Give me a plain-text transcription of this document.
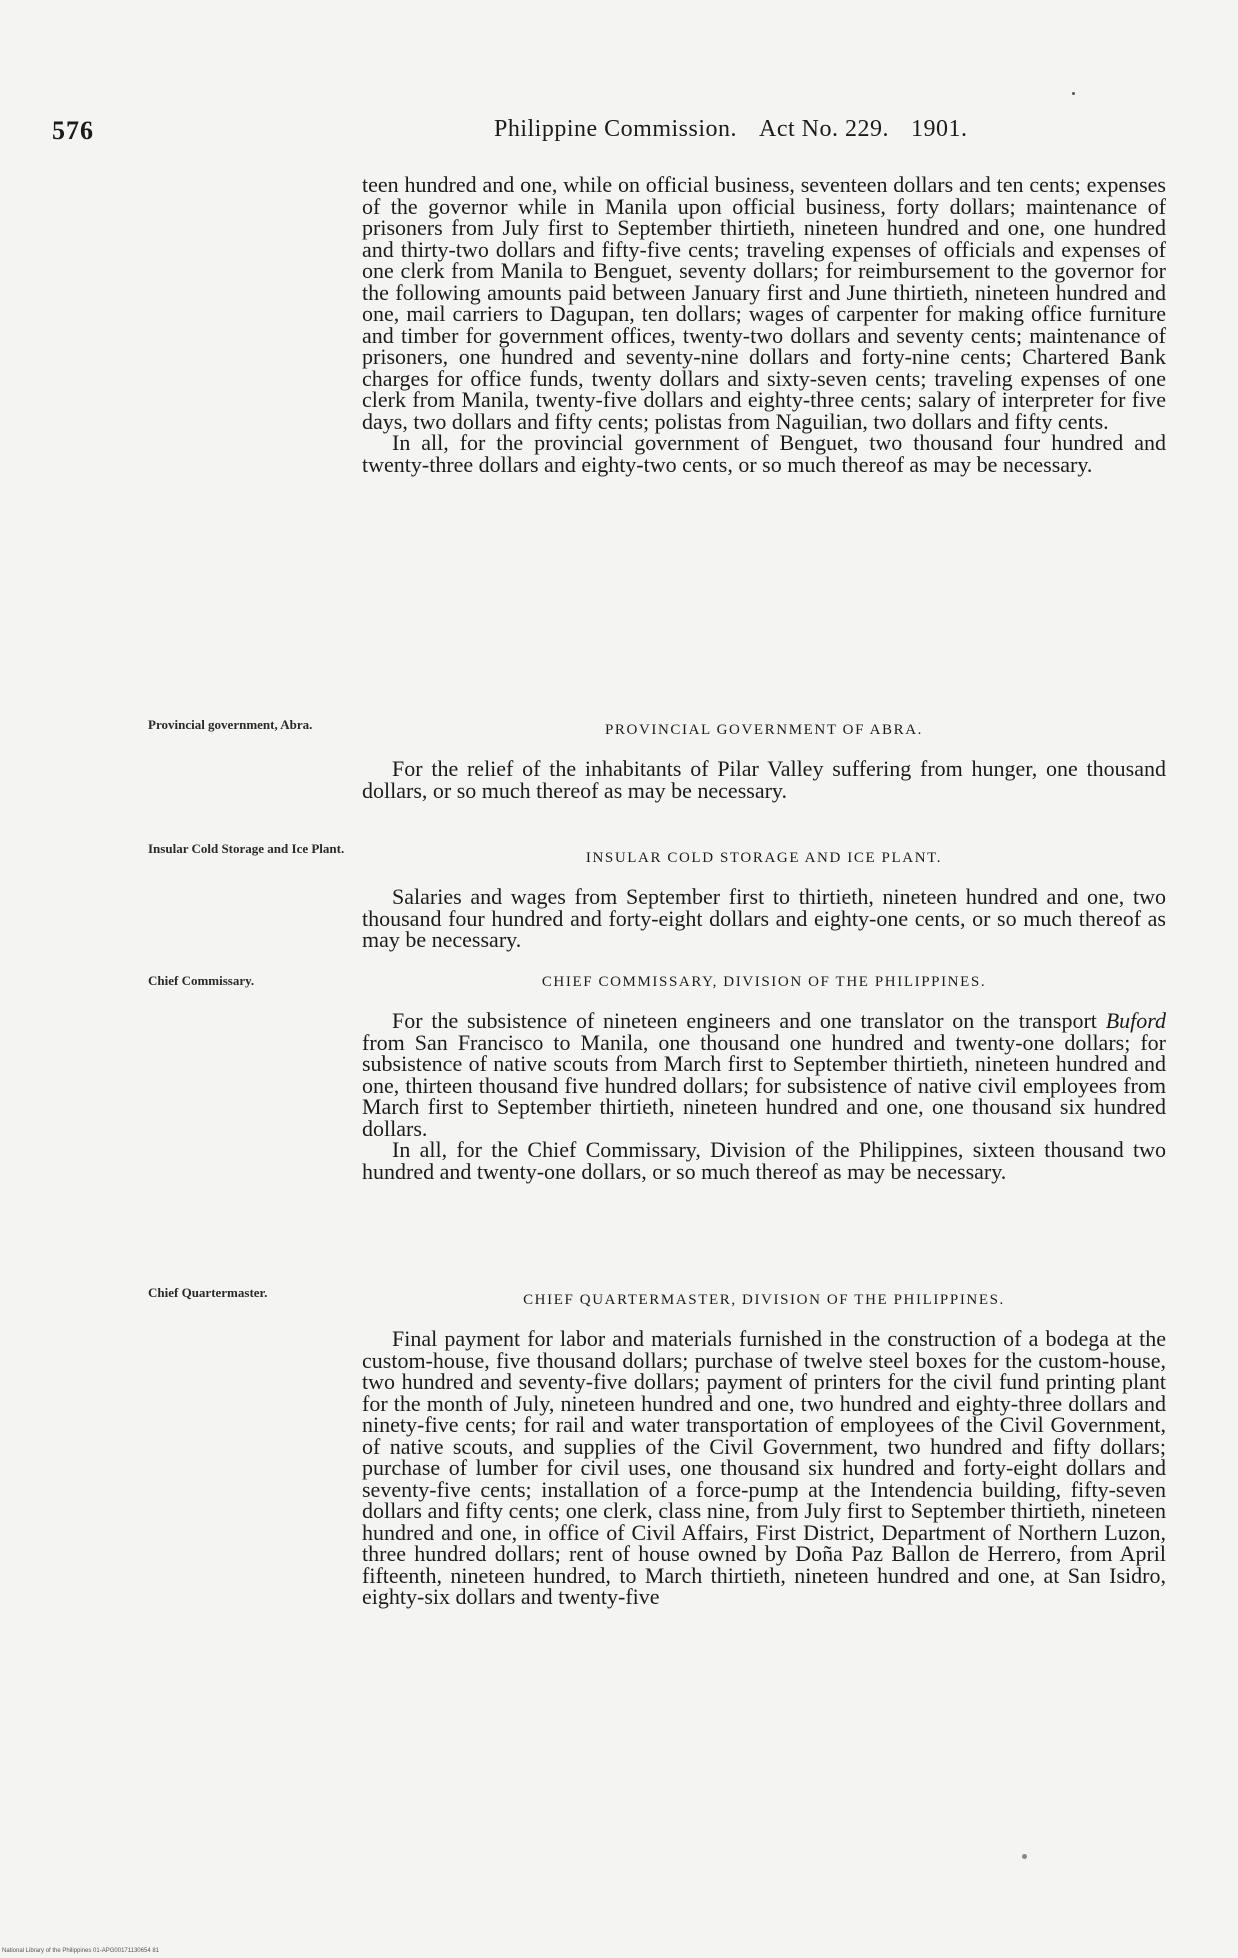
576	Philippine Commission. Act No. 229. 1901.

teen hundred and one, while on official business, seventeen dollars and ten cents; expenses of the governor while in Manila upon official business, forty dollars; maintenance of prisoners from July first to September thirtieth, nineteen hundred and one, one hundred and thirty-two dollars and fifty-five cents; traveling expenses of officials and expenses of one clerk from Manila to Benguet, seventy dollars; for reimbursement to the governor for the following amounts paid between January first and June thirtieth, nineteen hundred and one, mail carriers to Dagupan, ten dollars; wages of carpenter for making office furniture and timber for government offices, twenty-two dollars and seventy cents; maintenance of prisoners, one hundred and seventy-nine dollars and forty-nine cents; Chartered Bank charges for office funds, twenty dollars and sixty-seven cents; traveling expenses of one clerk from Manila, twenty-five dollars and eighty-three cents; salary of interpreter for five days, two dollars and fifty cents; polistas from Naguilian, two dollars and fifty cents.

In all, for the provincial government of Benguet, two thousand four hundred and twenty-three dollars and eighty-two cents, or so much thereof as may be necessary.

Provincial government, Abra.	PROVINCIAL GOVERNMENT OF ABRA.

For the relief of the inhabitants of Pilar Valley suffering from hunger, one thousand dollars, or so much thereof as may be necessary.

Insular Cold Storage and Ice Plant.
INSULAR COLD STORAGE AND ICE PLANT.

Salaries and wages from September first to thirtieth, nineteen hundred and one, two thousand four hundred and forty-eight dollars and eighty-one cents, or so much thereof as may be necessary.

Chief Commissary.	CHIEF COMMISSARY, DIVISION OF THE PHILIPPINES.

For the subsistence of nineteen engineers and one translator on the transport Buford from San Francisco to Manila, one thousand one hundred and twenty-one dollars; for subsistence of native scouts from March first to September thirtieth, nineteen hundred and one, thirteen thousand five hundred dollars; for subsistence of native civil employees from March first to September thirtieth, nineteen hundred and one, one thousand six hundred dollars.

In all, for the Chief Commissary, Division of the Philippines, sixteen thousand two hundred and twenty-one dollars, or so much thereof as may be necessary.

Chief Quartermaster.	CHIEF QUARTERMASTER, DIVISION OF THE PHILIPPINES.

Final payment for labor and materials furnished in the construction of a bodega at the custom-house, five thousand dollars; purchase of twelve steel boxes for the custom-house, two hundred and seventy-five dollars; payment of printers for the civil fund printing plant for the month of July, nineteen hundred and one, two hundred and eighty-three dollars and ninety-five cents; for rail and water transportation of employees of the Civil Government, of native scouts, and supplies of the Civil Government, two hundred and fifty dollars; purchase of lumber for civil uses, one thousand six hundred and forty-eight dollars and seventy-five cents; installation of a force-pump at the Intendencia building, fifty-seven dollars and fifty cents; one clerk, class nine, from July first to September thirtieth, nineteen hundred and one, in office of Civil Affairs, First District, Department of Northern Luzon, three hundred dollars; rent of house owned by Doña Paz Ballon de Herrero, from April fifteenth, nineteen hundred, to March thirtieth, nineteen hundred and one, at San Isidro, eighty-six dollars and twenty-five

National Library of the Philippines 01-APG00171130654 81
